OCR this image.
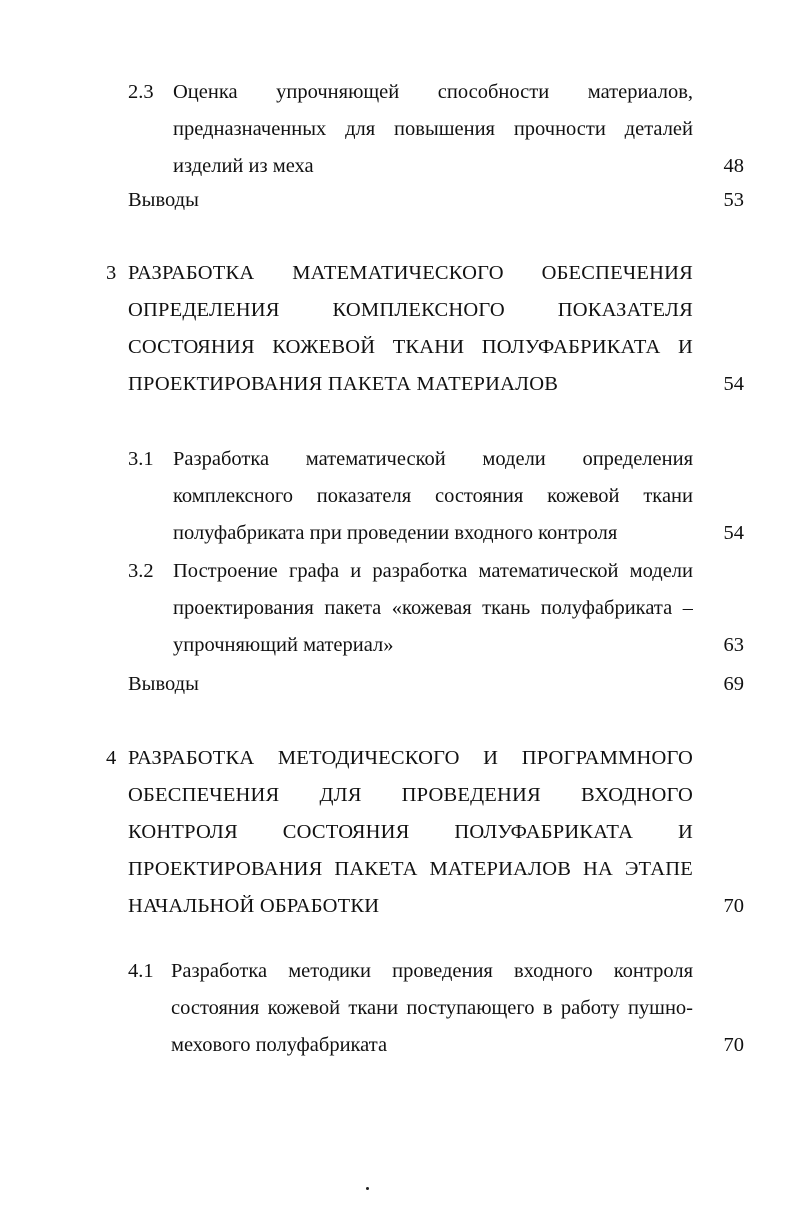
2.3 Оценка упрочняющей способности материалов,
предназначенных для повышения прочности деталей
изделий из меха	48
Выводы	53
3 РАЗРАБОТКА МАТЕМАТИЧЕСКОГО ОБЕСПЕЧЕНИЯ
ОПРЕДЕЛЕНИЯ КОМПЛЕКСНОГО ПОКАЗАТЕЛЯ
СОСТОЯНИЯ КОЖЕВОЙ ТКАНИ ПОЛУФАБРИКАТА И
ПРОЕКТИРОВАНИЯ ПАКЕТА МАТЕРИАЛОВ	54
3.1 Разработка математической модели определения
комплексного показателя состояния кожевой ткани
полуфабриката при проведении входного контроля	54
3.2 Построение графа и разработка математической модели
проектирования пакета «кожевая ткань полуфабриката –
упрочняющий материал»	63
Выводы	69
4 РАЗРАБОТКА МЕТОДИЧЕСКОГО И ПРОГРАММНОГО
ОБЕСПЕЧЕНИЯ ДЛЯ ПРОВЕДЕНИЯ ВХОДНОГО
КОНТРОЛЯ СОСТОЯНИЯ ПОЛУФАБРИКАТА И
ПРОЕКТИРОВАНИЯ ПАКЕТА МАТЕРИАЛОВ НА ЭТАПЕ
НАЧАЛЬНОЙ ОБРАБОТКИ	70
4.1 Разработка методики проведения входного контроля
состояния кожевой ткани поступающего в работу пушно-
мехового полуфабриката	70
